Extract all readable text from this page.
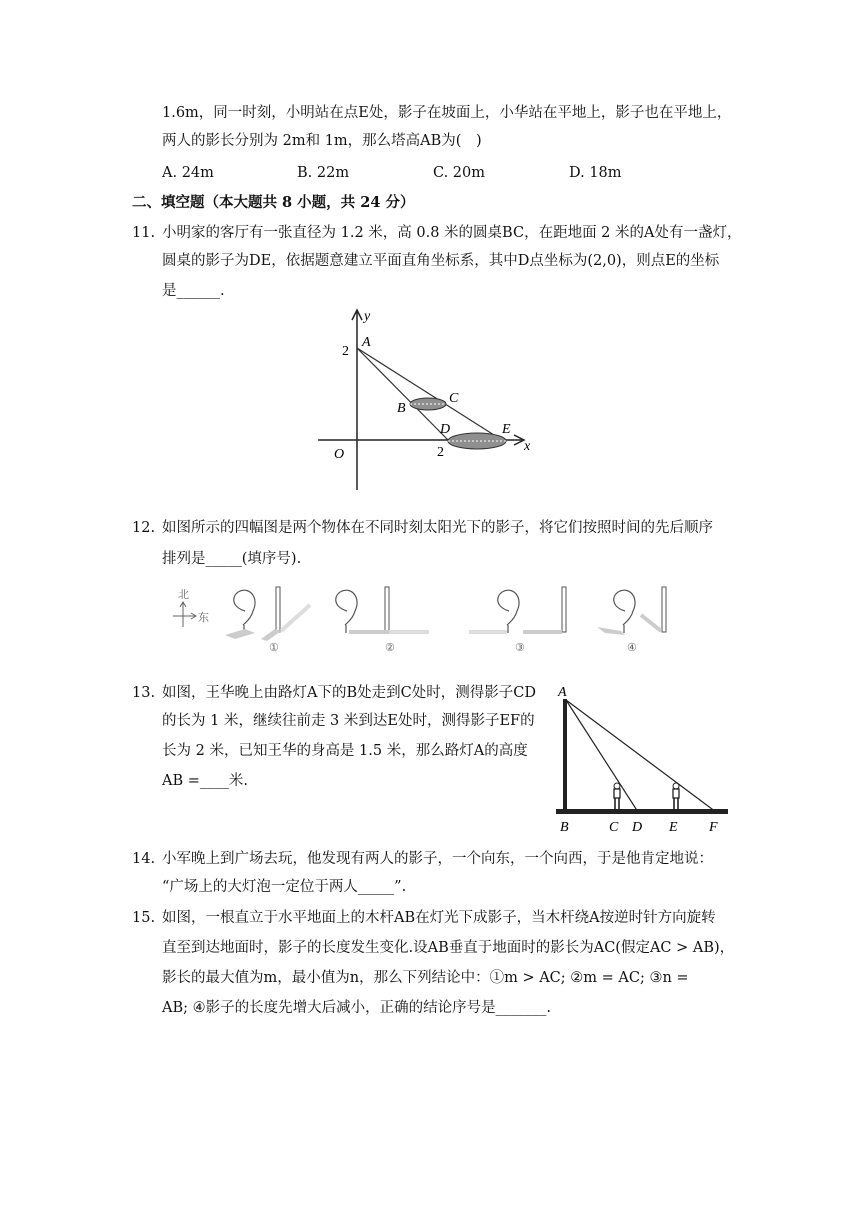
1.6m，同一时刻，小明站在点E处，影子在坡面上，小华站在平地上，影子也在平地上，
两人的影长分别为 2m和 1m，那么塔高AB为(　)
A. 24m	B. 22m	C. 20m	D. 18m
二、填空题（本大题共 8 小题，共 24 分）
11. 小明家的客厅有一张直径为 1.2 米，高 0.8 米的圆桌BC，在距地面 2 米的A处有一盏灯，
圆桌的影子为DE，依据题意建立平面直角坐标系，其中D点坐标为(2,0)，则点E的坐标
是______.
y
x
A
2
B
C
D	E
O	2
12. 如图所示的四幅图是两个物体在不同时刻太阳光下的影子，将它们按照时间的先后顺序
排列是_____(填序号).
北
东
①	②	③	④
13. 如图，王华晚上由路灯A下的B处走到C处时，测得影子CD
的长为 1 米，继续往前走 3 米到达E处时，测得影子EF的
长为 2 米，已知王华的身高是 1.5 米，那么路灯A的高度
AB =____米.
A
B	C D E F
14. 小军晚上到广场去玩，他发现有两人的影子，一个向东，一个向西，于是他肯定地说：
“广场上的大灯泡一定位于两人_____”.
15. 如图，一根直立于水平地面上的木杆AB在灯光下成影子，当木杆绕A按逆时针方向旋转
直至到达地面时，影子的长度发生变化.设AB垂直于地面时的影长为AC(假定AC > AB)，
影长的最大值为m，最小值为n，那么下列结论中：①m > AC; ②m = AC; ③n =
AB; ④影子的长度先增大后减小，正确的结论序号是_______.
